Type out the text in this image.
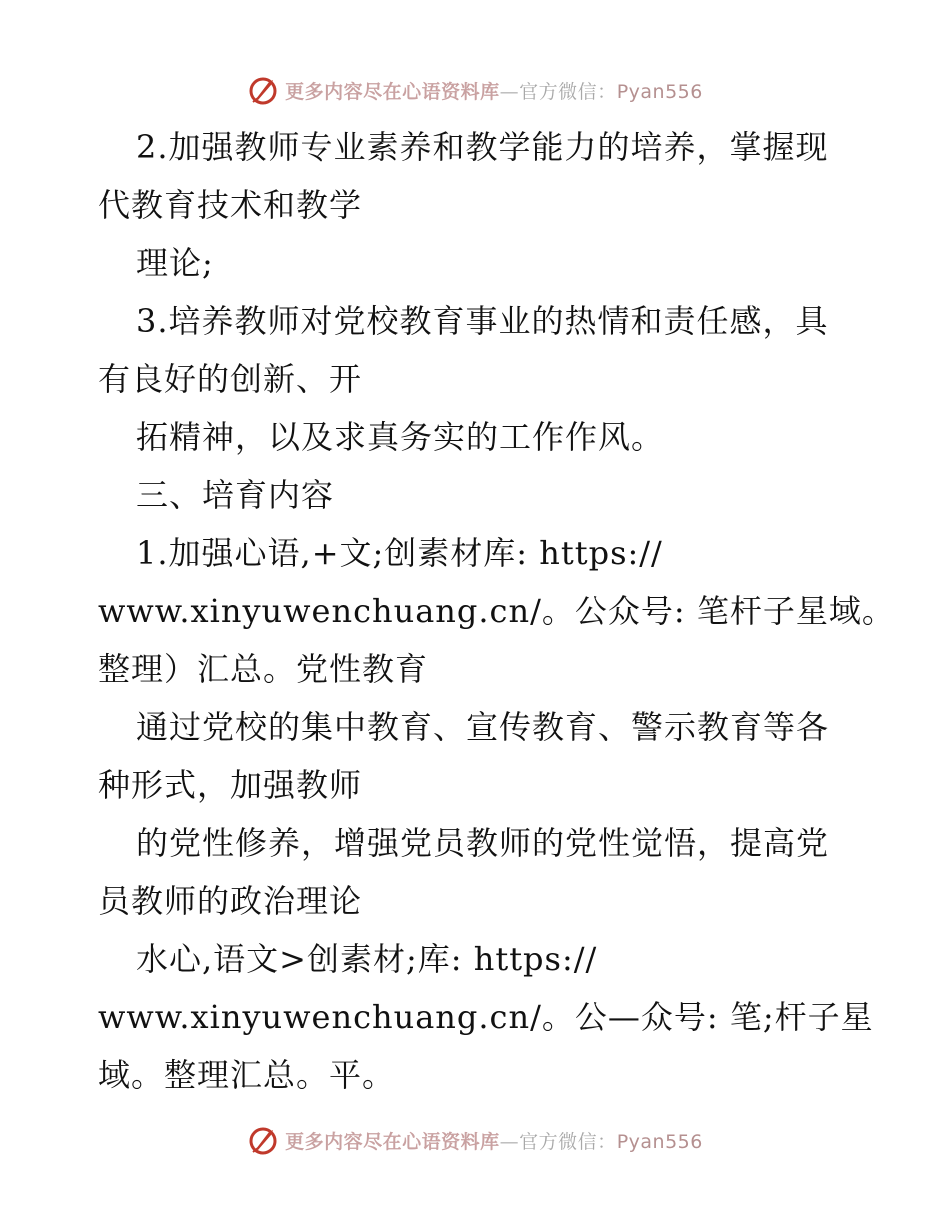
更多内容尽在心语资料库—官方微信：Pyan556
2.加强教师专业素养和教学能力的培养，掌握现
代教育技术和教学
理论;
3.培养教师对党校教育事业的热情和责任感，具
有良好的创新、开
拓精神，以及求真务实的工作作风。
三、培育内容
1.加强心语,+文;创素材库: https://
www.xinyuwenchuang.cn/。公众号: 笔杆子星域。
整理）汇总。党性教育
通过党校的集中教育、宣传教育、警示教育等各
种形式，加强教师
的党性修养，增强党员教师的党性觉悟，提高党
员教师的政治理论
水心,语文>创素材;库: https://
www.xinyuwenchuang.cn/。公—众号: 笔;杆子星
域。整理汇总。平。
更多内容尽在心语资料库—官方微信：Pyan556
